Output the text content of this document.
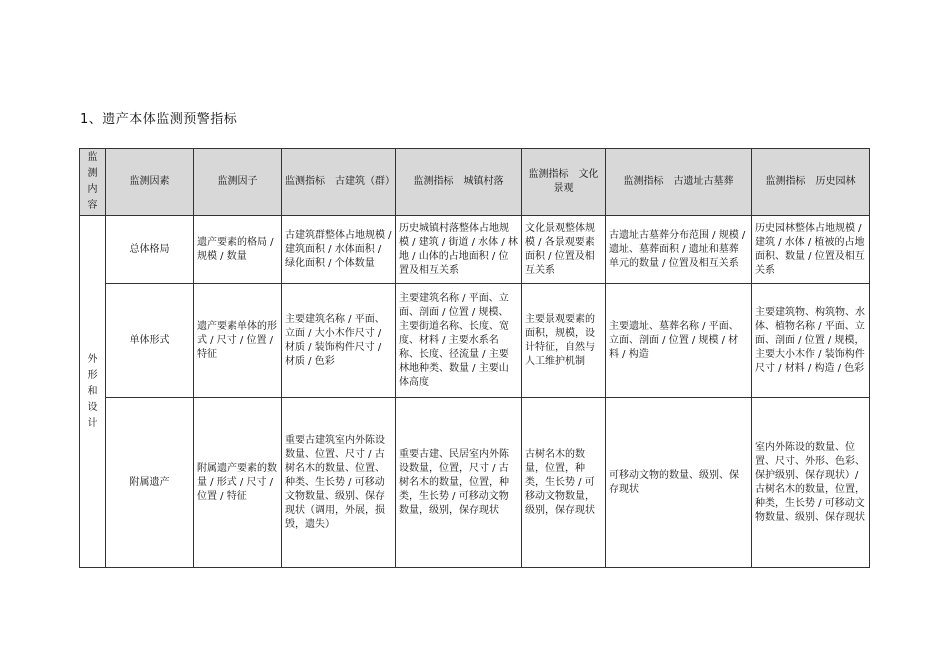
1、遗产本体监测预警指标
监测内容	监测因素	监测因子	监测指标　古建筑（群）	监测指标　城镇村落	监测指标　文化景观	监测指标　古遗址古墓葬	监测指标　历史园林

外形和设计	总体格局	遗产要素的格局 / 规模 / 数量	古建筑群整体占地规模 / 建筑面积 / 水体面积 / 绿化面积 / 个体数量	历史城镇村落整体占地规模 / 建筑 / 街道 / 水体 / 林地 / 山体的占地面积 / 位置及相互关系	文化景观整体规模 / 各景观要素面积 / 位置及相互关系	古遗址古墓葬分布范围 / 规模 / 遗址、墓葬面积 / 遗址和墓葬单元的数量 / 位置及相互关系	历史园林整体占地规模 / 建筑 / 水体 / 植被的占地面积、数量 / 位置及相互关系
	单体形式	遗产要素单体的形式 / 尺寸 / 位置 / 特征	主要建筑名称 / 平面、立面 / 大小木作尺寸 / 材质 / 装饰构件尺寸 / 材质 / 色彩	主要建筑名称 / 平面、立面、剖面 / 位置 / 规模、主要街道名称、长度、宽度、材料 / 主要水系名称、长度、径流量 / 主要林地种类、数量 / 主要山体高度	主要景观要素的面积，规模，设计特征，自然与人工维护机制	主要遗址、墓葬名称 / 平面、立面、剖面 / 位置 / 规模 / 材料 / 构造	主要建筑物、构筑物、水体、植物名称 / 平面、立面、剖面 / 位置 / 规模，主要大小木作 / 装饰构件尺寸 / 材料 / 构造 / 色彩
	附属遗产	附属遗产要素的数量 / 形式 / 尺寸 / 位置 / 特征	重要古建筑室内外陈设数量、位置、尺寸 / 古树名木的数量、位置、种类、生长势 / 可移动文物数量、级别、保存现状（调用，外展，损毁，遗失）	重要古建、民居室内外陈设数量，位置，尺寸 / 古树名木的数量，位置，种类，生长势 / 可移动文物数量，级别，保存现状	古树名木的数量，位置，种类，生长势 / 可移动文物数量，级别，保存现状	可移动文物的数量、级别、保存现状	室内外陈设的数量、位置、尺寸、外形、色彩、保护级别、保存现状）/ 古树名木的数量，位置，种类，生长势 / 可移动文物数量、级别、保存现状
